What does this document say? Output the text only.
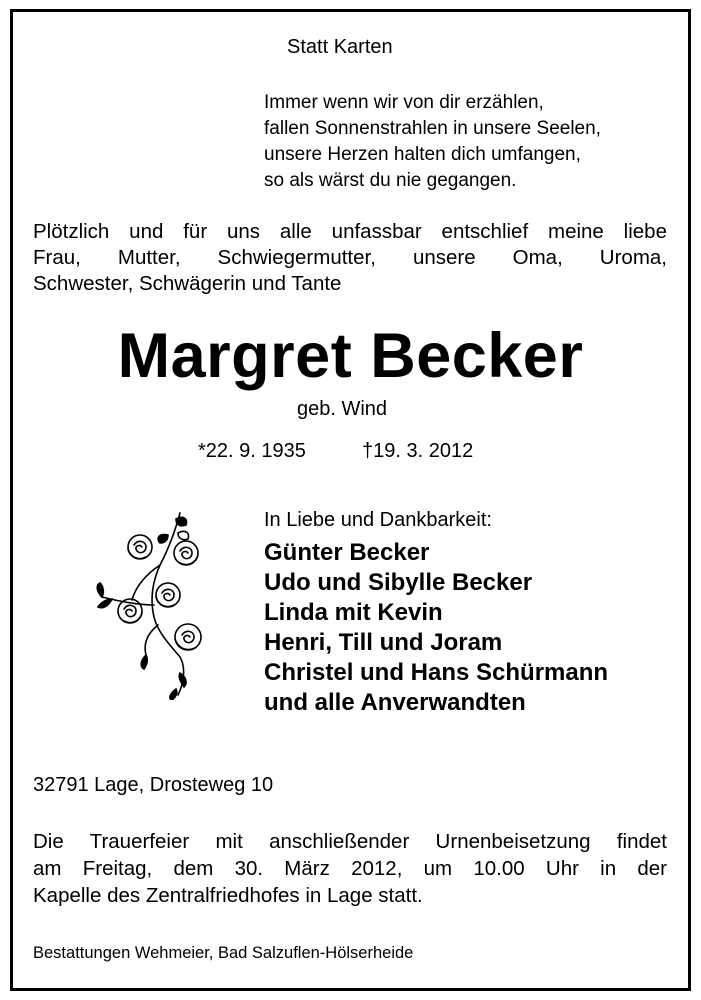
Statt Karten
Immer wenn wir von dir erzählen,
fallen Sonnenstrahlen in unsere Seelen,
unsere Herzen halten dich umfangen,
so als wärst du nie gegangen.
Plötzlich und für uns alle unfassbar entschlief meine liebe
Frau, Mutter, Schwiegermutter, unsere Oma, Uroma,
Schwester, Schwägerin und Tante
Margret Becker
geb. Wind
*22. 9. 1935	†19. 3. 2012
In Liebe und Dankbarkeit:
Günter Becker
Udo und Sibylle Becker
Linda mit Kevin
Henri, Till und Joram
Christel und Hans Schürmann
und alle Anverwandten
32791 Lage, Drosteweg 10
Die Trauerfeier mit anschließender Urnenbeisetzung findet
am Freitag, dem 30. März 2012, um 10.00 Uhr in der
Kapelle des Zentralfriedhofes in Lage statt.
Bestattungen Wehmeier, Bad Salzuflen-Hölserheide
